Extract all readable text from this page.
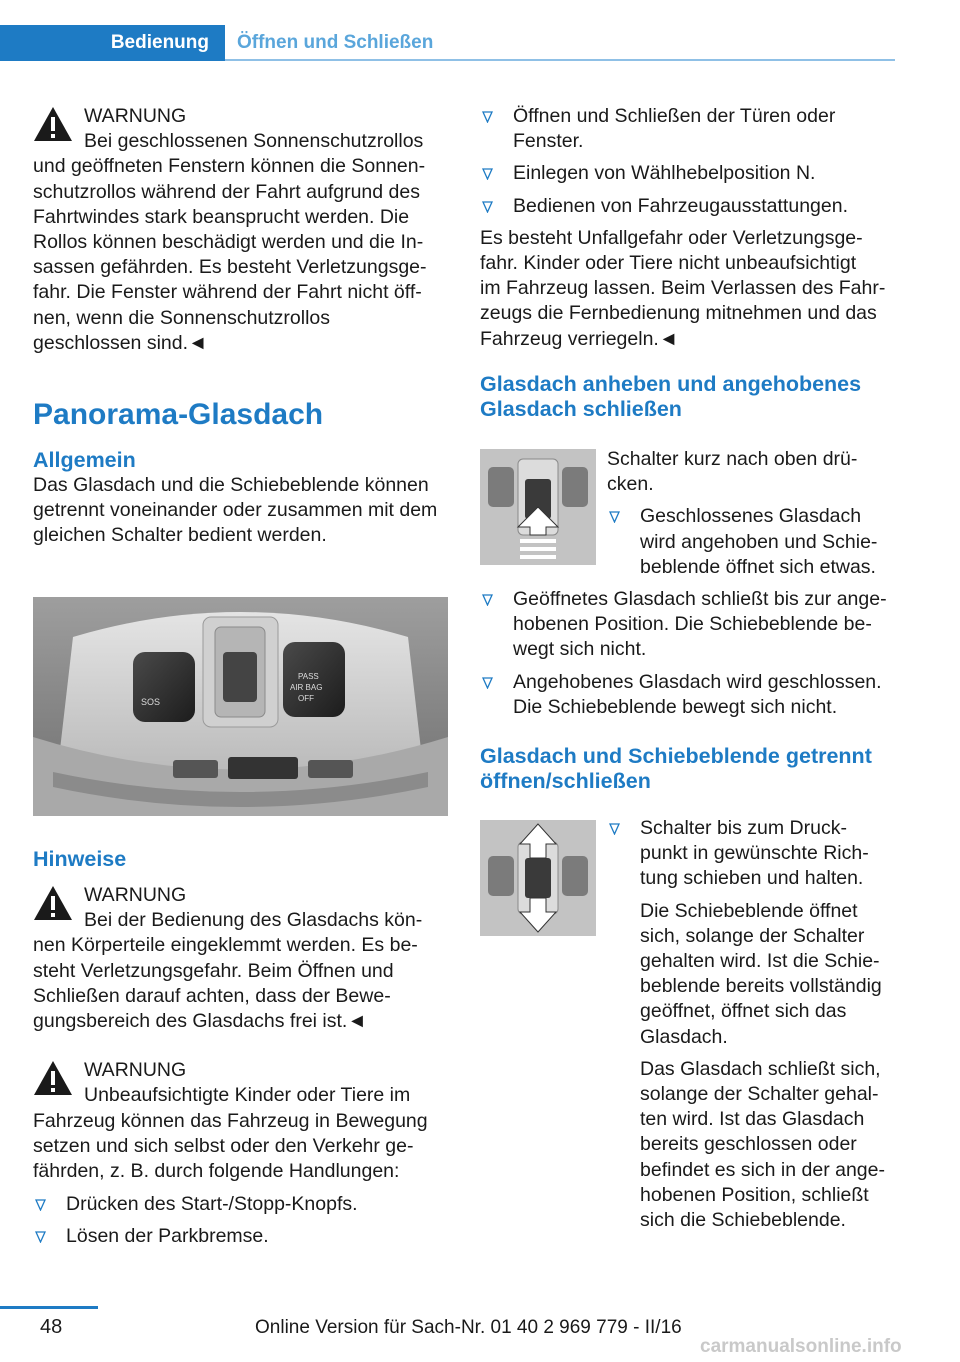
Bedienung	Öffnen und Schließen
WARNUNG
Bei geschlossenen Sonnenschutzrollos
und geöffneten Fenstern können die Sonnen-
schutzrollos während der Fahrt aufgrund des
Fahrtwindes stark beansprucht werden. Die
Rollos können beschädigt werden und die In-
sassen gefährden. Es besteht Verletzungsge-
fahr. Die Fenster während der Fahrt nicht öff-
nen, wenn die Sonnenschutzrollos
geschlossen sind.◄
Panorama-Glasdach
Allgemein
Das Glasdach und die Schiebeblende können
getrennt voneinander oder zusammen mit dem
gleichen Schalter bedient werden.
SOS
PASS
AIR BAG
OFF
Hinweise
WARNUNG
Bei der Bedienung des Glasdachs kön-
nen Körperteile eingeklemmt werden. Es be-
steht Verletzungsgefahr. Beim Öffnen und
Schließen darauf achten, dass der Bewe-
gungsbereich des Glasdachs frei ist.◄
WARNUNG
Unbeaufsichtigte Kinder oder Tiere im
Fahrzeug können das Fahrzeug in Bewegung
setzen und sich selbst oder den Verkehr ge-
fährden, z. B. durch folgende Handlungen:
Drücken des Start-/Stopp-Knopfs.
Lösen der Parkbremse.
Öffnen und Schließen der Türen oder
Fenster.
Einlegen von Wählhebelposition N.
Bedienen von Fahrzeugausstattungen.
Es besteht Unfallgefahr oder Verletzungsge-
fahr. Kinder oder Tiere nicht unbeaufsichtigt
im Fahrzeug lassen. Beim Verlassen des Fahr-
zeugs die Fernbedienung mitnehmen und das
Fahrzeug verriegeln.◄
Glasdach anheben und angehobenes
Glasdach schließen
Schalter kurz nach oben drü-
cken.
Geschlossenes Glasdach
wird angehoben und Schie-
beblende öffnet sich etwas.
Geöffnetes Glasdach schließt bis zur ange-
hobenen Position. Die Schiebeblende be-
wegt sich nicht.
Angehobenes Glasdach wird geschlossen.
Die Schiebeblende bewegt sich nicht.
Glasdach und Schiebeblende getrennt
öffnen/schließen
Schalter bis zum Druck-
punkt in gewünschte Rich-
tung schieben und halten.
Die Schiebeblende öffnet
sich, solange der Schalter
gehalten wird. Ist die Schie-
beblende bereits vollständig
geöffnet, öffnet sich das
Glasdach.
Das Glasdach schließt sich,
solange der Schalter gehal-
ten wird. Ist das Glasdach
bereits geschlossen oder
befindet es sich in der ange-
hobenen Position, schließt
sich die Schiebeblende.
48	Online Version für Sach-Nr. 01 40 2 969 779 - II/16
carmanualsonline.info
